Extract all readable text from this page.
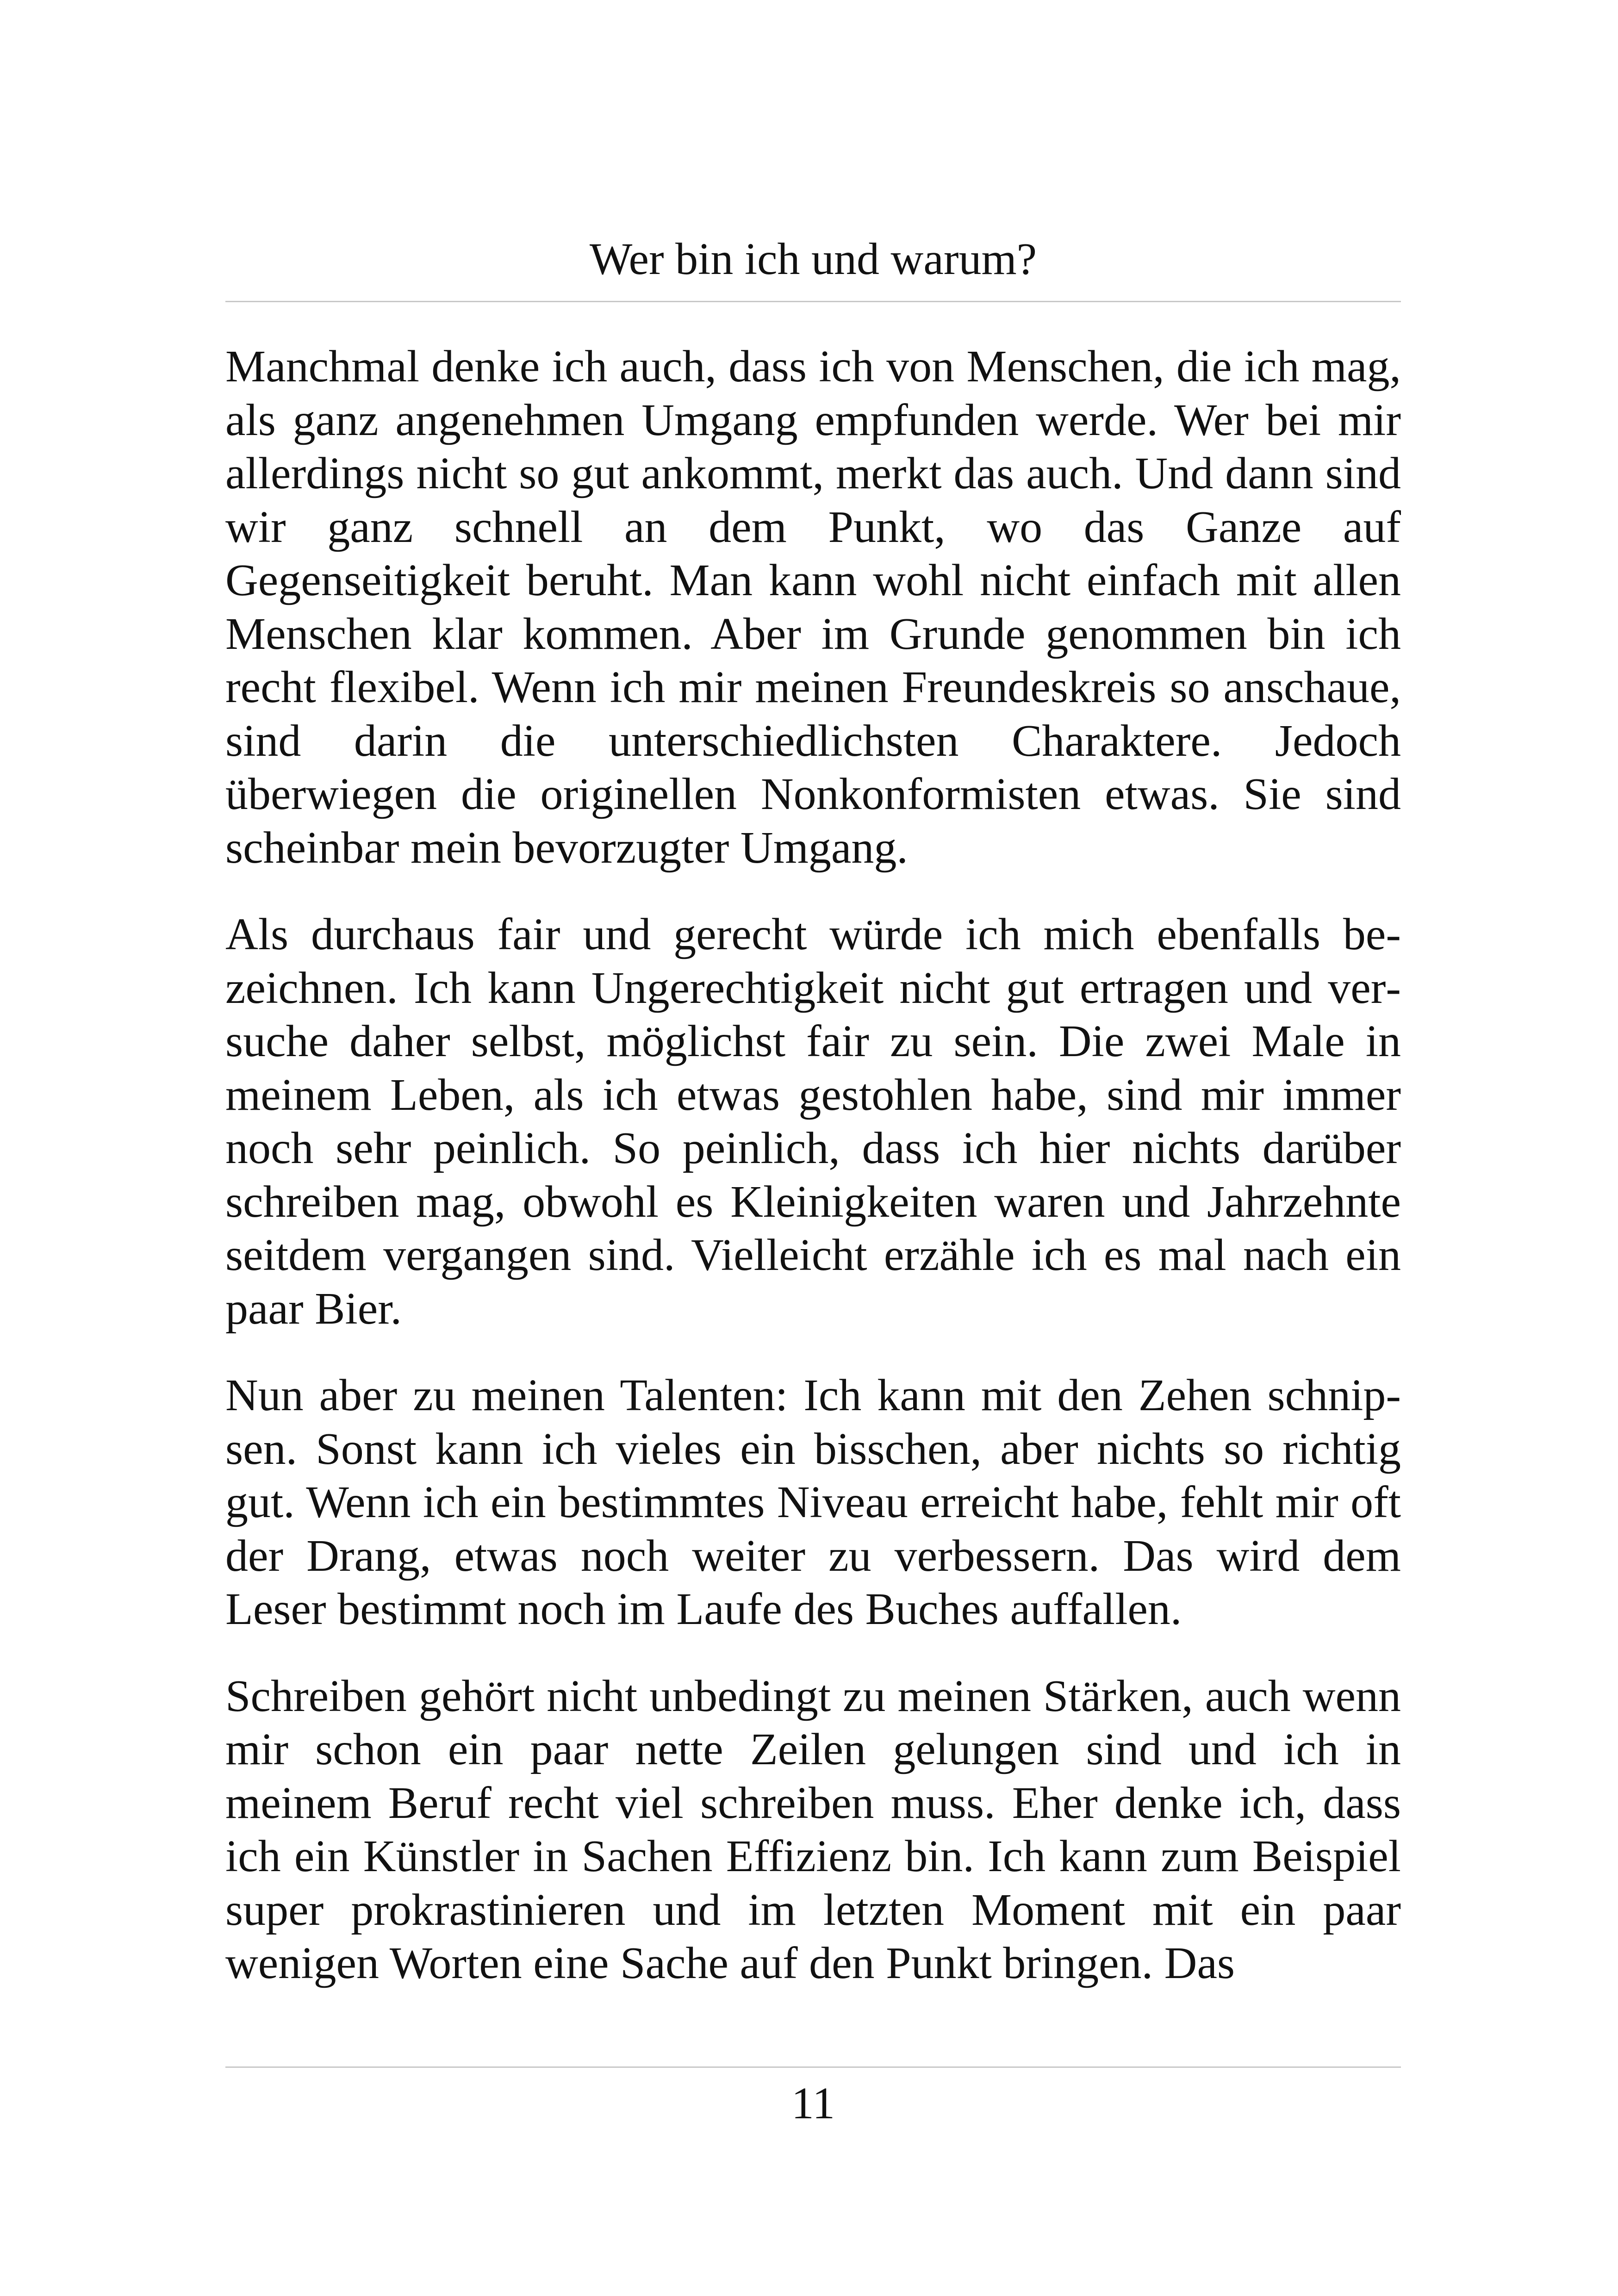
Wer bin ich und warum?

Manchmal denke ich auch, dass ich von Menschen, die ich mag, als ganz angenehmen Umgang empfunden werde. Wer bei mir allerdings nicht so gut ankommt, merkt das auch. Und dann sind wir ganz schnell an dem Punkt, wo das Ganze auf Gegenseitigkeit beruht. Man kann wohl nicht einfach mit allen Menschen klar kommen. Aber im Grunde genommen bin ich recht flexibel. Wenn ich mir meinen Freundeskreis so anschaue, sind darin die unterschiedlichsten Charaktere. Jedoch überwiegen die originellen Nonkonformisten etwas. Sie sind scheinbar mein bevorzugter Umgang.

Als durchaus fair und gerecht würde ich mich ebenfalls bezeichnen. Ich kann Ungerechtigkeit nicht gut ertragen und versuche daher selbst, möglichst fair zu sein. Die zwei Male in meinem Leben, als ich etwas gestohlen habe, sind mir immer noch sehr peinlich. So peinlich, dass ich hier nichts darüber schreiben mag, obwohl es Kleinigkeiten waren und Jahrzehnte seitdem vergangen sind. Vielleicht erzähle ich es mal nach ein paar Bier.

Nun aber zu meinen Talenten: Ich kann mit den Zehen schnipsen. Sonst kann ich vieles ein bisschen, aber nichts so richtig gut. Wenn ich ein bestimmtes Niveau erreicht habe, fehlt mir oft der Drang, etwas noch weiter zu verbessern. Das wird dem Leser bestimmt noch im Laufe des Buches auffallen.

Schreiben gehört nicht unbedingt zu meinen Stärken, auch wenn mir schon ein paar nette Zeilen gelungen sind und ich in meinem Beruf recht viel schreiben muss. Eher denke ich, dass ich ein Künstler in Sachen Effizienz bin. Ich kann zum Beispiel super prokrastinieren und im letzten Moment mit ein paar wenigen Worten eine Sache auf den Punkt bringen. Das

11
